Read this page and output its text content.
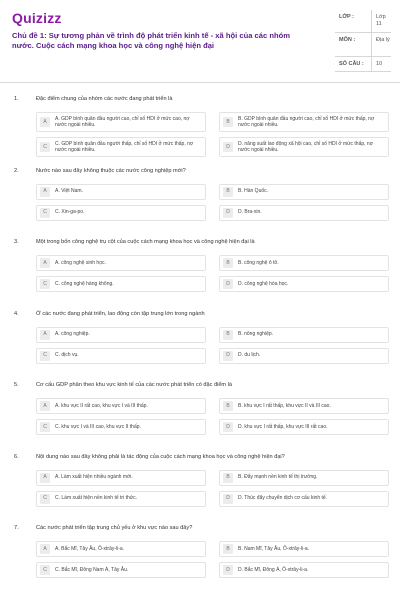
Quizizz
Chủ đề 1: Sự tương phản về trình độ phát triển kinh tế - xã hội của các nhóm nước. Cuộc cách mạng khoa học và công nghệ hiện đại
LỚP :	Lớp 11
MÔN :	Địa lý
SỐ CÂU :	10
1.	Đặc điểm chung của nhóm các nước đang phát triển là
A
A. GDP bình quân đầu người cao, chỉ số HDI ở mức cao, nợ nước ngoài nhiều.
B
B. GDP bình quân đầu người cao, chỉ số HDI ở mức thấp, nợ nước ngoài nhiều.
C
C. GDP bình quân đầu người thấp, chỉ số HDI ở mức thấp, nợ nước ngoài nhiều.
D
D. năng suất lao động xã hội cao, chỉ số HDI ở mức thấp, nợ nước ngoài nhiều.
2.	Nước nào sau đây không thuộc các nước công nghiệp mới?
A	A. Việt Nam.	B	B. Hàn Quốc.
C	C. Xin-ga-po.	D	D. Bra-xin.
3.	Một trong bốn công nghệ trụ cột của cuộc cách mạng khoa học và công nghệ hiện đại là
A	A. công nghệ sinh học.	B	B. công nghệ ô tô.
C	C. công nghệ hàng không.	D	D. công nghệ hóa học.
4.	Ở các nước đang phát triển, lao động còn tập trung lớn trong ngành
A	A. công nghiệp.	B	B. nông nghiệp.
C	C. dịch vụ.	D	D. du lịch.
5.	Cơ cấu GDP phân theo khu vực kinh tế của các nước phát triển có đặc điểm là
A	A. khu vực II rất cao, khu vực I và III thấp.	B	B. khu vực I rất thấp, khu vực II và III cao.
C	C. khu vực I và III cao, khu vực II thấp.	D	D. khu vực I rất thấp, khu vực III rất cao.
6.	Nội dung nào sau đây không phải là tác động của cuộc cách mạng khoa học và công nghệ hiện đại?
A	A. Làm xuất hiện nhiều ngành mới.	B	B. Đẩy mạnh nền kinh tế thị trường.
C	C. Làm xuất hiện nền kinh tế tri thức.	D	D. Thúc đẩy chuyển dịch cơ cấu kinh tế.
7.	Các nước phát triển tập trung chủ yếu ở khu vực nào sau đây?
A	A. Bắc Mĩ, Tây Âu, Ô-xtrây-li-a.	B	B. Nam Mĩ, Tây Âu, Ô-xtrây-li-a.
C	C. Bắc Mĩ, Đông Nam Á, Tây Âu.	D	D. Bắc Mĩ, Đông Á, Ô-xtrây-li-a.
